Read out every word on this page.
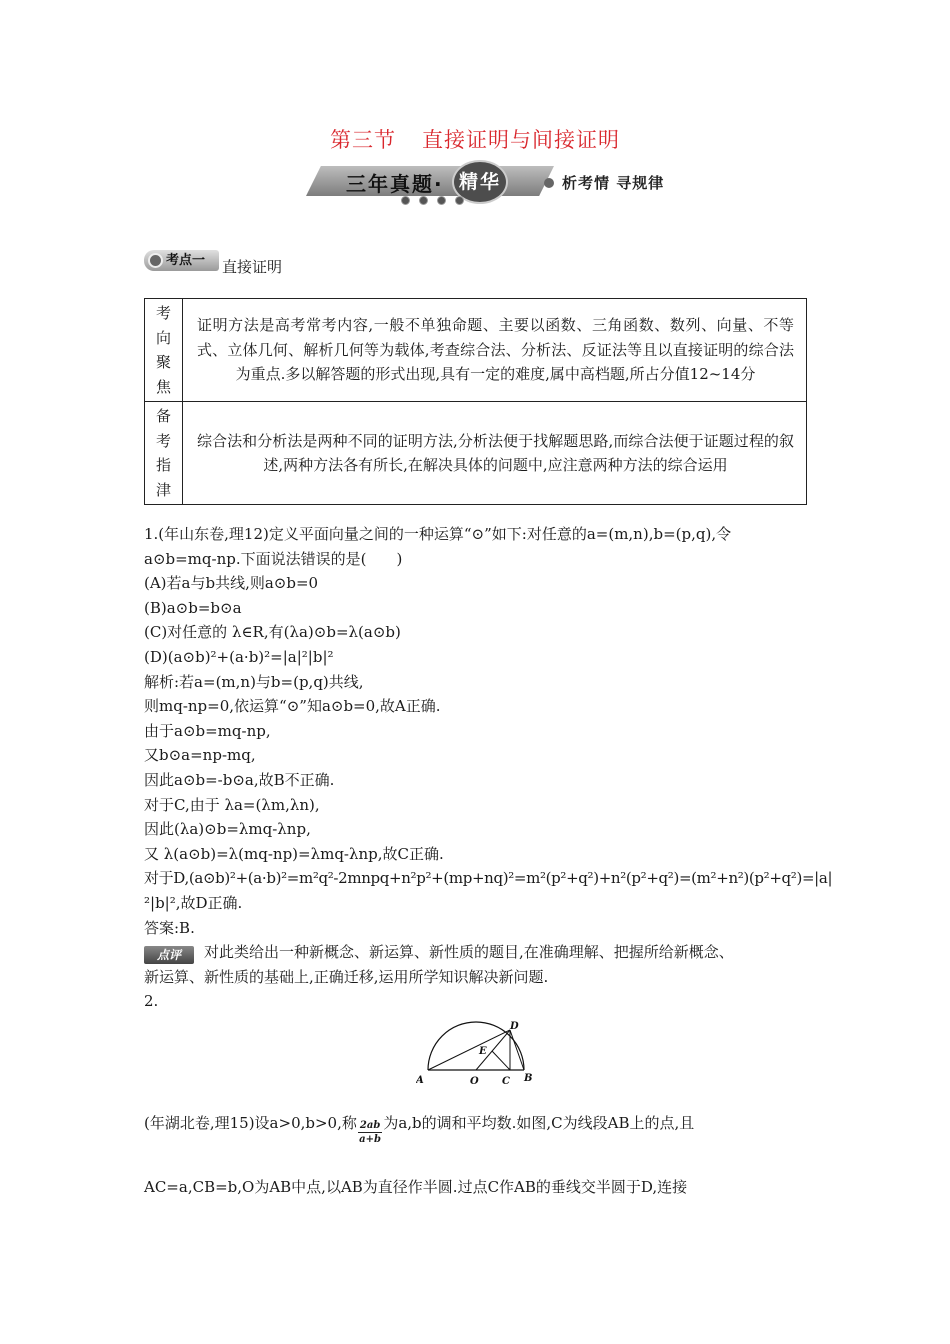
第三节 直接证明与间接证明
三年真题· 精华	析考情 寻规律
考点一	直接证明
考
向
聚
焦	证明方法是高考常考内容,一般不单独命题、主要以函数、三角函数、数列、向量、不等式、立体几何、解析几何等为载体,考查综合法、分析法、反证法等且以直接证明的综合法为重点.多以解答题的形式出现,具有一定的难度,属中高档题,所占分值12~14分
备
考
指
津	综合法和分析法是两种不同的证明方法,分析法便于找解题思路,而综合法便于证题过程的叙述,两种方法各有所长,在解决具体的问题中,应注意两种方法的综合运用

1.(年山东卷,理12)定义平面向量之间的一种运算“⊙”如下:对任意的a=(m,n),b=(p,q),令

a⊙b=mq-np.下面说法错误的是(　　)

(A)若a与b共线,则a⊙b=0

(B)a⊙b=b⊙a

(C)对任意的 λ∈R,有(λa)⊙b=λ(a⊙b)

(D)(a⊙b)²+(a·b)²=|a|²|b|²

解析:若a=(m,n)与b=(p,q)共线,

则mq-np=0,依运算“⊙”知a⊙b=0,故A正确.

由于a⊙b=mq-np,

又b⊙a=np-mq,

因此a⊙b=-b⊙a,故B不正确.

对于C,由于 λa=(λm,λn),

因此(λa)⊙b=λmq-λnp,

又 λ(a⊙b)=λ(mq-np)=λmq-λnp,故C正确.

对于D,(a⊙b)²+(a·b)²=m²q²-2mnpq+n²p²+(mp+nq)²=m²(p²+q²)+n²(p²+q²)=(m²+n²)(p²+q²)=|a|

²|b|²,故D正确.

答案:B.

点评 对此类给出一种新概念、新运算、新性质的题目,在准确理解、把握所给新概念、

新运算、新性质的基础上,正确迁移,运用所学知识解决新问题.

2.

A	O C B
D
E
(年湖北卷,理15)设a>0,b>0,称 $\frac{2ab}{a+b}$ 为a,b的调和平均数.如图,C为线段AB上的点,且
AC=a,CB=b,O为AB中点,以AB为直径作半圆.过点C作AB的垂线交半圆于D,连接
